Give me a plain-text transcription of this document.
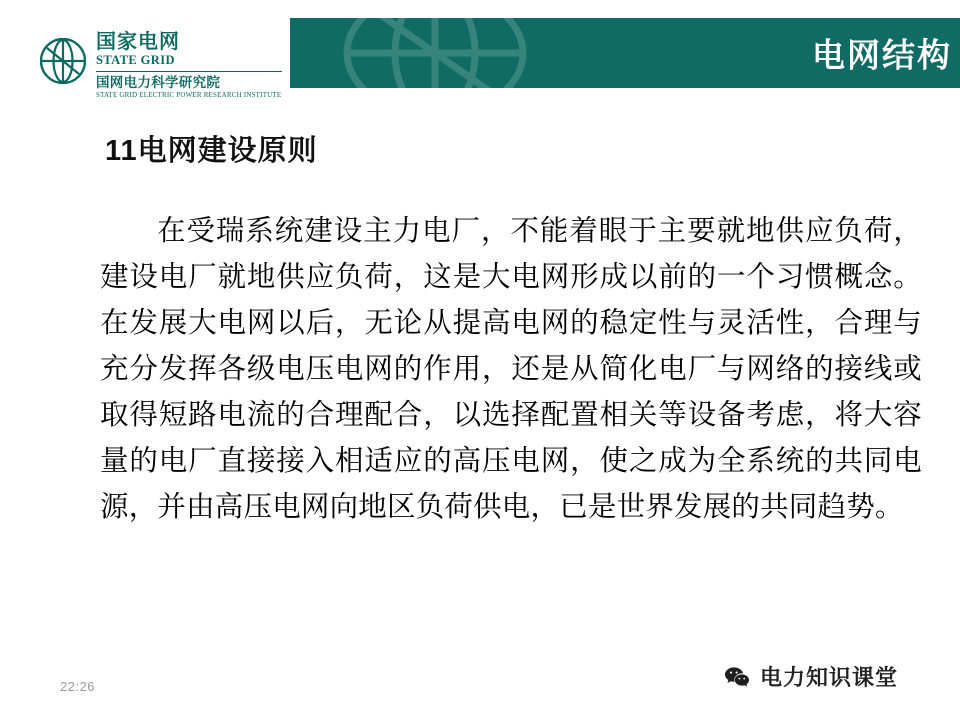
电网结构
国家电网
STATE GRID
国网电力科学研究院
STATE GRID ELECTRIC POWER RESEARCH INSTITUTE
11电网建设原则
在受瑞系统建设主力电厂，不能着眼于主要就地供应负荷，建设电厂就地供应负荷，这是大电网形成以前的一个习惯概念。在发展大电网以后，无论从提高电网的稳定性与灵活性，合理与充分发挥各级电压电网的作用，还是从简化电厂与网络的接线或取得短路电流的合理配合，以选择配置相关等设备考虑，将大容量的电厂直接接入相适应的高压电网，使之成为全系统的共同电源，并由高压电网向地区负荷供电，已是世界发展的共同趋势。
22:26	电力知识课堂
